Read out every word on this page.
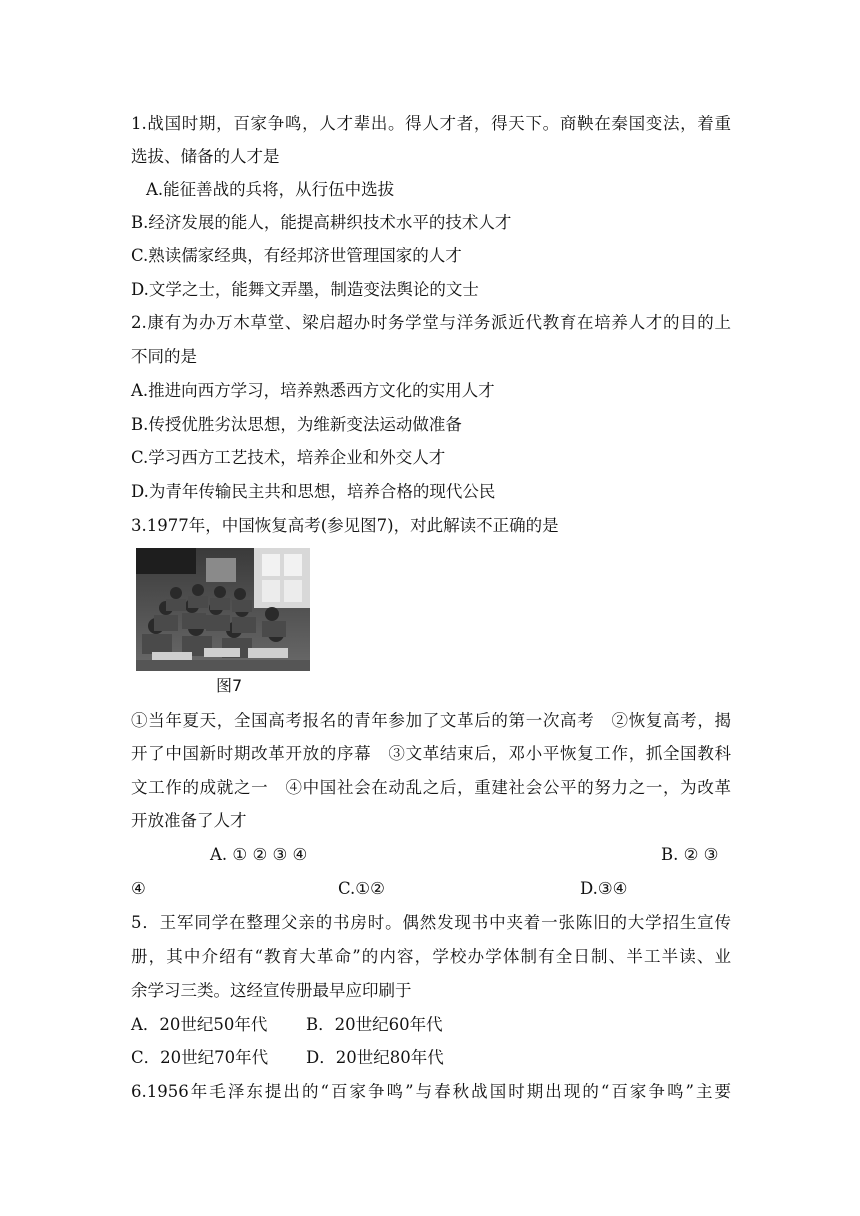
1.战国时期，百家争鸣，人才辈出。得人才者，得天下。商鞅在秦国变法，着重
选拔、储备的人才是
A.能征善战的兵将，从行伍中选拔
B.经济发展的能人，能提高耕织技术水平的技术人才
C.熟读儒家经典，有经邦济世管理国家的人才
D.文学之士，能舞文弄墨，制造变法舆论的文士
2.康有为办万木草堂、梁启超办时务学堂与洋务派近代教育在培养人才的目的上
不同的是
A.推进向西方学习，培养熟悉西方文化的实用人才
B.传授优胜劣汰思想，为维新变法运动做准备
C.学习西方工艺技术，培养企业和外交人才
D.为青年传输民主共和思想，培养合格的现代公民
3.1977年，中国恢复高考(参见图7)，对此解读不正确的是
图7
①当年夏天，全国高考报名的青年参加了文革后的第一次高考　②恢复高考，揭
开了中国新时期改革开放的序幕　③文革结束后，邓小平恢复工作，抓全国教科
文工作的成就之一　④中国社会在动乱之后，重建社会公平的努力之一，为改革
开放准备了人才
A. ① ② ③ ④	B. ② ③
④	C.①②	D.③④
5．王军同学在整理父亲的书房时。偶然发现书中夹着一张陈旧的大学招生宣传
册，其中介绍有“教育大革命”的内容，学校办学体制有全日制、半工半读、业
余学习三类。这经宣传册最早应印刷于
A．20世纪50年代 B．20世纪60年代
C．20世纪70年代 D．20世纪80年代
6.1956年毛泽东提出的“百家争鸣”与春秋战国时期出现的“百家争鸣”主要
